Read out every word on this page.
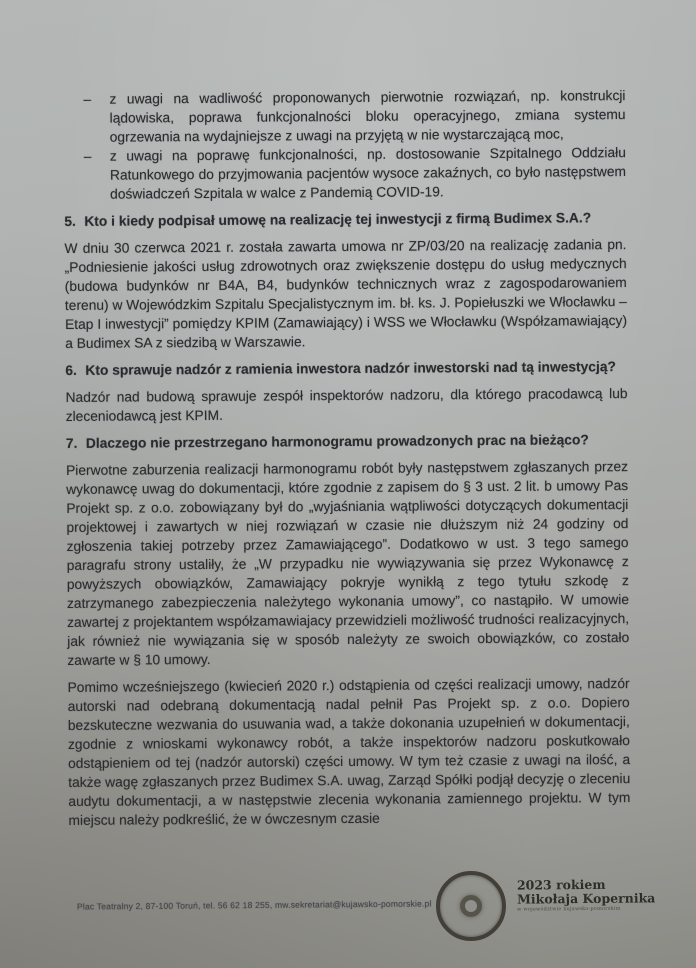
–	z uwagi na wadliwość proponowanych pierwotnie rozwiązań, np. konstrukcji lądowiska, poprawa funkcjonalności bloku operacyjnego, zmiana systemu ogrzewania na wydajniejsze z uwagi na przyjętą w nie wystarczającą moc,
–	z uwagi na poprawę funkcjonalności, np. dostosowanie Szpitalnego Oddziału Ratunkowego do przyjmowania pacjentów wysoce zakaźnych, co było następstwem doświadczeń Szpitala w walce z Pandemią COVID-19.
5. Kto i kiedy podpisał umowę na realizację tej inwestycji z firmą Budimex S.A.?

W dniu 30 czerwca 2021 r. została zawarta umowa nr ZP/03/20 na realizację zadania pn. „Podniesienie jakości usług zdrowotnych oraz zwiększenie dostępu do usług medycznych (budowa budynków nr B4A, B4, budynków technicznych wraz z zagospodarowaniem terenu) w Wojewódzkim Szpitalu Specjalistycznym im. bł. ks. J. Popiełuszki we Włocławku – Etap I inwestycji” pomiędzy KPIM (Zamawiający) i WSS we Włocławku (Współzamawiający) a Budimex SA z siedzibą w Warszawie.

6. Kto sprawuje nadzór z ramienia inwestora nadzór inwestorski nad tą inwestycją?

Nadzór nad budową sprawuje zespół inspektorów nadzoru, dla którego pracodawcą lub zleceniodawcą jest KPIM.

7. Dlaczego nie przestrzegano harmonogramu prowadzonych prac na bieżąco?

Pierwotne zaburzenia realizacji harmonogramu robót były następstwem zgłaszanych przez wykonawcę uwag do dokumentacji, które zgodnie z zapisem do § 3 ust. 2 lit. b umowy Pas Projekt sp. z o.o. zobowiązany był do „wyjaśniania wątpliwości dotyczących dokumentacji projektowej i zawartych w niej rozwiązań w czasie nie dłuższym niż 24 godziny od zgłoszenia takiej potrzeby przez Zamawiającego”. Dodatkowo w ust. 3 tego samego paragrafu strony ustaliły, że „W przypadku nie wywiązywania się przez Wykonawcę z powyższych obowiązków, Zamawiający pokryje wynikłą z tego tytułu szkodę z zatrzymanego zabezpieczenia należytego wykonania umowy”, co nastąpiło. W umowie zawartej z projektantem współzamawiajacy przewidzieli możliwość trudności realizacyjnych, jak również nie wywiązania się w sposób należyty ze swoich obowiązków, co zostało zawarte w § 10 umowy.

Pomimo wcześniejszego (kwiecień 2020 r.) odstąpienia od części realizacji umowy, nadzór autorski nad odebraną dokumentacją nadal pełnił Pas Projekt sp. z o.o. Dopiero bezskuteczne wezwania do usuwania wad, a także dokonania uzupełnień w dokumentacji, zgodnie z wnioskami wykonawcy robót, a także inspektorów nadzoru poskutkowało odstąpieniem od tej (nadzór autorski) części umowy. W tym też czasie z uwagi na ilość, a także wagę zgłaszanych przez Budimex S.A. uwag, Zarząd Spółki podjął decyzję o zleceniu audytu dokumentacji, a w następstwie zlecenia wykonania zamiennego projektu. W tym miejscu należy podkreślić, że w ówczesnym czasie

Plac Teatralny 2, 87-100 Toruń, tel. 56 62 18 255, mw.sekretariat@kujawsko-pomorskie.pl
2023 rokiem
Mikołaja Kopernika
w województwie kujawsko-pomorskim
